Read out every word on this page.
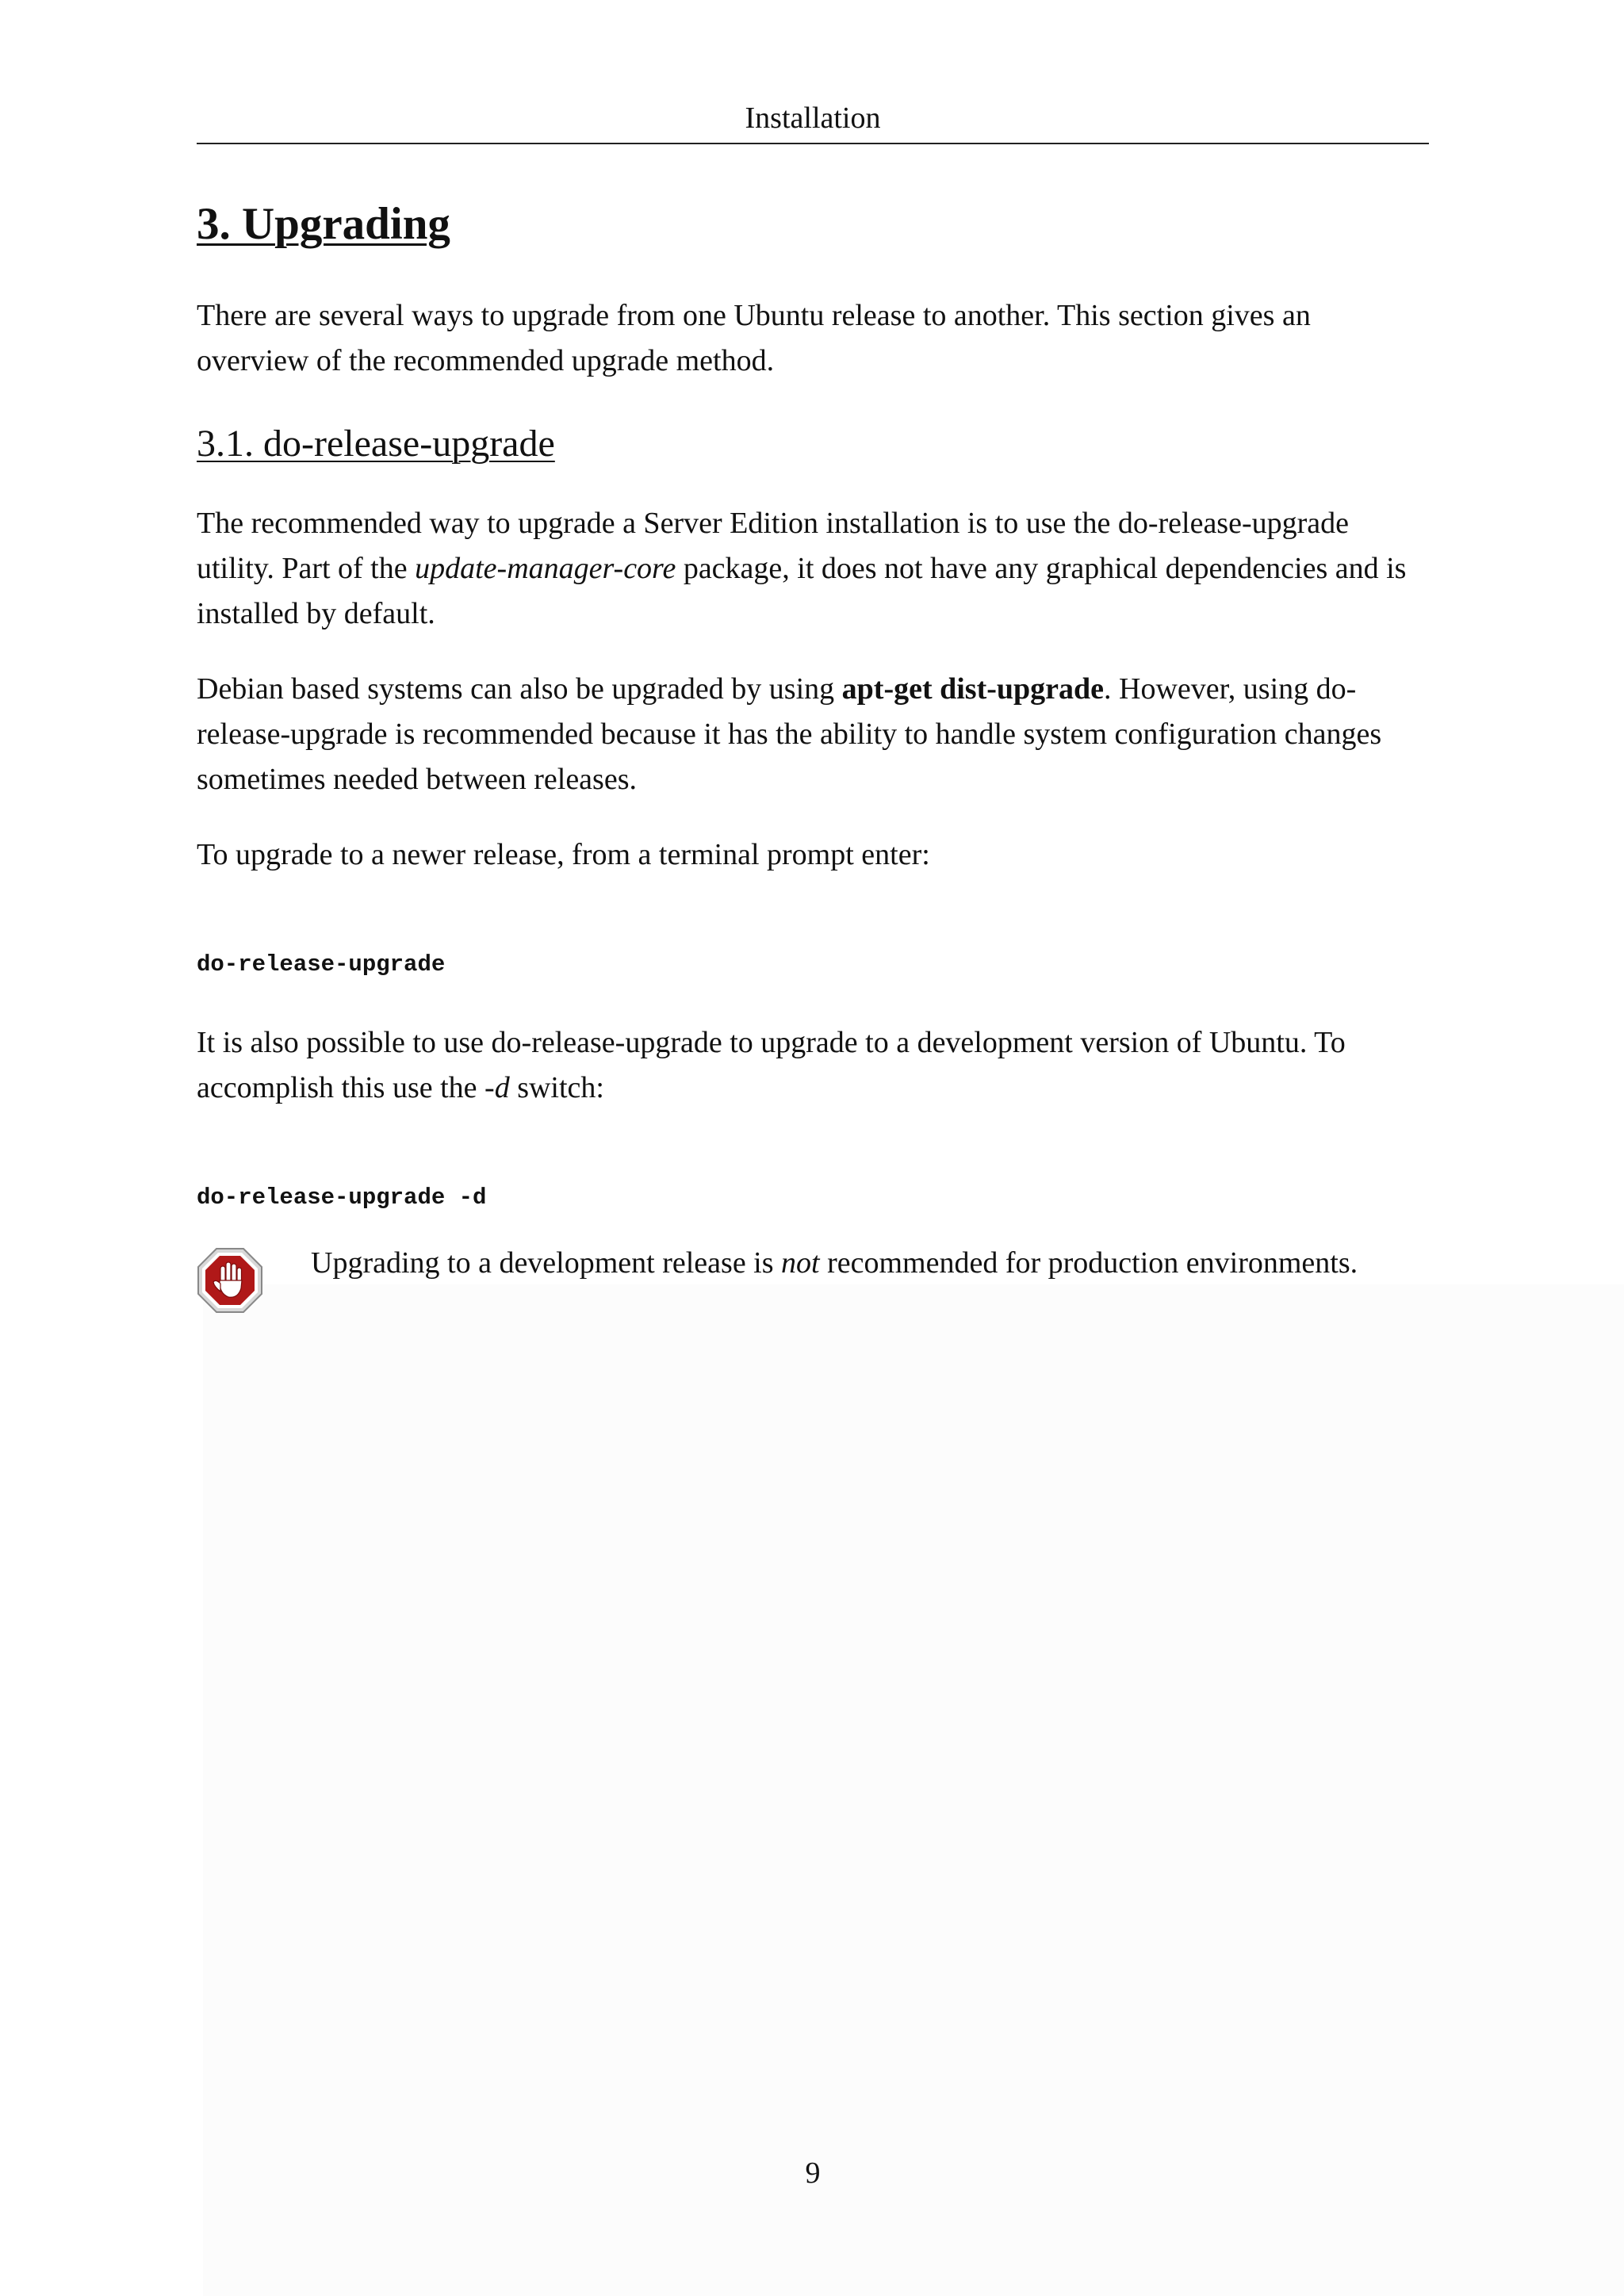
Installation
3. Upgrading

There are several ways to upgrade from one Ubuntu release to another. This section gives an overview of the recommended upgrade method.

3.1. do-release-upgrade

The recommended way to upgrade a Server Edition installation is to use the do-release-upgrade utility. Part of the update-manager-core package, it does not have any graphical dependencies and is installed by default.

Debian based systems can also be upgraded by using apt-get dist-upgrade. However, using do-release-upgrade is recommended because it has the ability to handle system configuration changes sometimes needed between releases.

To upgrade to a newer release, from a terminal prompt enter:

do-release-upgrade

It is also possible to use do-release-upgrade to upgrade to a development version of Ubuntu. To accomplish this use the -d switch:

do-release-upgrade -d
Upgrading to a development release is not recommended for production environments.
9
